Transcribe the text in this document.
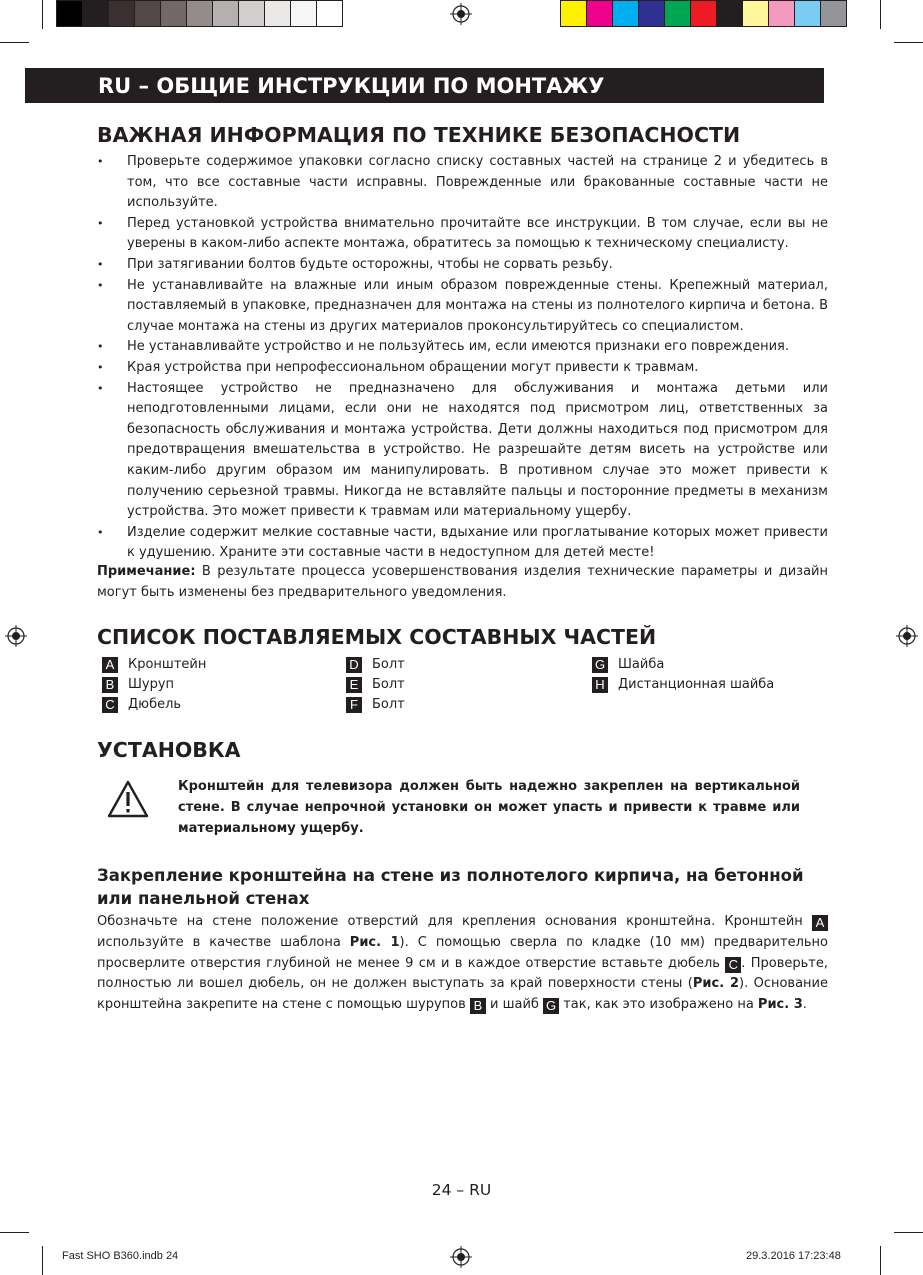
Fast SHO B360.indb 24	29.3.2016 17:23:48
RU – ОБЩИЕ ИНСТРУКЦИИ ПО МОНТАЖУ
ВАЖНАЯ ИНФОРМАЦИЯ ПО ТЕХНИКЕ БЕЗОПАСНОСТИ
• Проверьте содержимое упаковки согласно списку составных частей на странице 2 и убедитесь в том, что все составные части исправны. Поврежденные или бракованные составные части не используйте.
• Перед установкой устройства внимательно прочитайте все инструкции. В том случае, если вы не уверены в каком-либо аспекте монтажа, обратитесь за помощью к техническому специалисту.
• При затягивании болтов будьте осторожны, чтобы не сорвать резьбу.
• Не устанавливайте на влажные или иным образом поврежденные стены. Крепежный материал, поставляемый в упаковке, предназначен для монтажа на стены из полнотелого кирпича и бетона. В случае монтажа на стены из других материалов проконсультируйтесь со специалистом.
• Не устанавливайте устройство и не пользуйтесь им, если имеются признаки его повреждения.
• Края устройства при непрофессиональном обращении могут привести к травмам.
• Настоящее устройство не предназначено для обслуживания и монтажа детьми или неподготовленными лицами, если они не находятся под присмотром лиц, ответственных за безопасность обслуживания и монтажа устройства. Дети должны находиться под присмотром для предотвращения вмешательства в устройство. Не разрешайте детям висеть на устройстве или каким-либо другим образом им манипулировать. В противном случае это может привести к получению серьезной травмы. Никогда не вставляйте пальцы и посторонние предметы в механизм устройства. Это может привести к травмам или материальному ущербу.
• Изделие содержит мелкие составные части, вдыхание или проглатывание которых может привести к удушению. Храните эти составные части в недоступном для детей месте!
Примечание: В результате процесса усовершенствования изделия технические параметры и дизайн могут быть изменены без предварительного уведомления.
СПИСОК ПОСТАВЛЯЕМЫХ СОСТАВНЫХ ЧАСТЕЙ
A Кронштейн
B Шуруп
C Дюбель
D Болт
E Болт
F	Болт
G Шайба
H Дистанционная шайба
УСТАНОВКА
Кронштейн для телевизора должен быть надежно закреплен на вертикальной стене. В случае непрочной установки он может упасть и привести к травме или материальному ущербу.
Закрепление кронштейна на стене из полнотелого кирпича, на бетонной или панельной стенах
Обозначьте на стене положение отверстий для крепления основания кронштейна. Кронштейн A используйте в качестве шаблона Рис. 1). С помощью сверла по кладке (10 мм) предварительно просверлите отверстия глубиной не менее 9 см и в каждое отверстие вставьте дюбель C . Проверьте, полностью ли вошел дюбель, он не должен выступать за край поверхности стены (Рис. 2). Основание кронштейна закрепите на стене с помощью шурупов B и шайб G так, как это изображено на Рис. 3.
24 – RU
